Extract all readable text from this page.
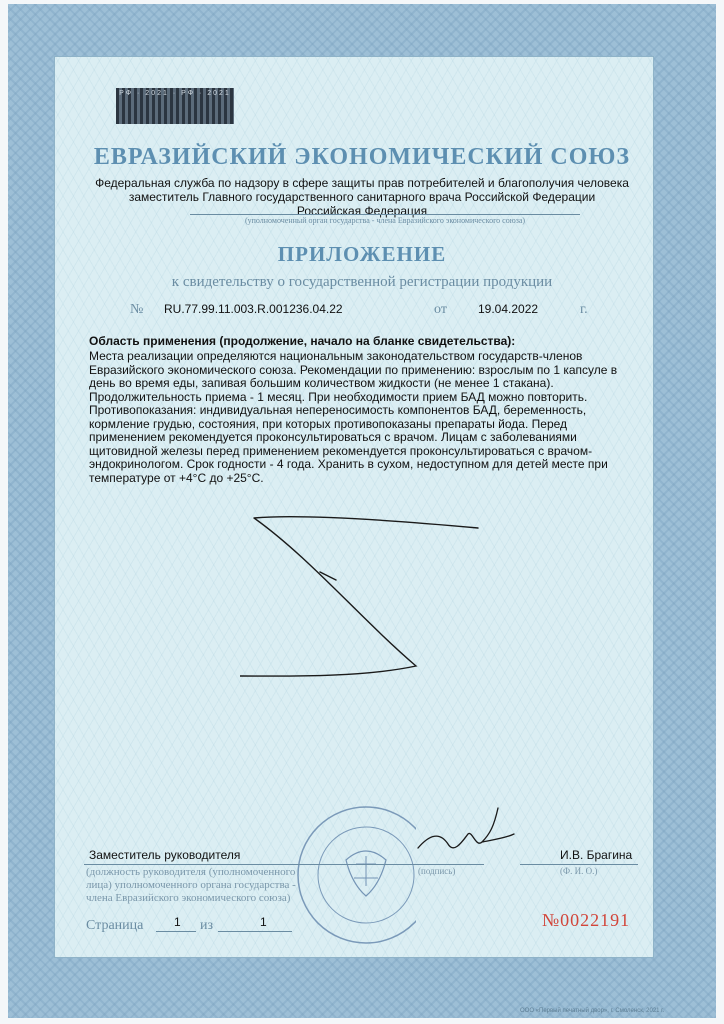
РФ · 2021 · РФ · 2021
ЕВРАЗИЙСКИЙ ЭКОНОМИЧЕСКИЙ СОЮЗ
Федеральная служба по надзору в сфере защиты прав потребителей и благополучия человека
заместитель Главного государственного санитарного врача Российской Федерации
Российская Федерация
(уполномоченный орган государства - члена Евразийского экономического союза)
ПРИЛОЖЕНИЕ
к свидетельству о государственной регистрации продукции
№ RU.77.99.11.003.R.001236.04.22	от	19.04.2022	г.
Область применения (продолжение, начало на бланке свидетельства):
Места реализации определяются национальным законодательством государств-членов
Евразийского экономического союза. Рекомендации по применению: взрослым по 1 капсуле в
день во время еды, запивая большим количеством жидкости (не менее 1 стакана).
Продолжительность приема - 1 месяц. При необходимости прием БАД можно повторить.
Противопоказания: индивидуальная непереносимость компонентов БАД, беременность,
кормление грудью, состояния, при которых противопоказаны препараты йода. Перед
применением рекомендуется проконсультироваться с врачом. Лицам с заболеваниями
щитовидной железы перед применением рекомендуется проконсультироваться с врачом-
эндокринологом. Срок годности - 4 года. Хранить в сухом, недоступном для детей месте при
температуре от +4°С до +25°С.
Заместитель руководителя	И.В. Брагина
(должность руководителя (уполномоченного
лица) уполномоченного органа государства -
члена Евразийского экономического союза)
(подпись)	(Ф. И. О.)
Страница	1 из	1	№0022191
ООО «Первый печатный двор», г. Смоленск, 2021 г.
